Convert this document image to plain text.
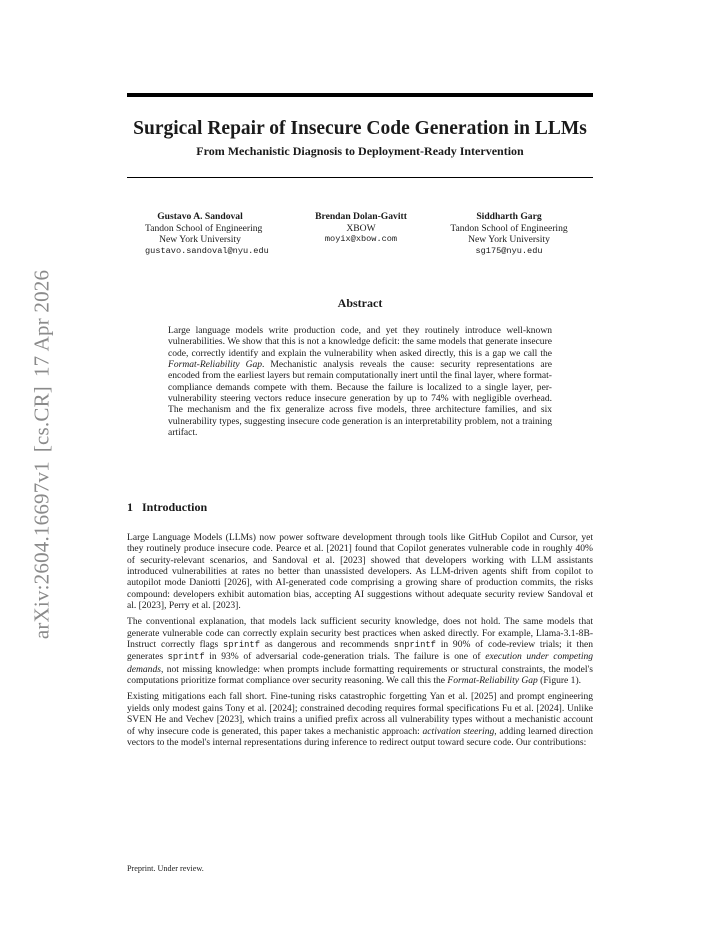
Surgical Repair of Insecure Code Generation in LLMs
From Mechanistic Diagnosis to Deployment-Ready Intervention
Gustavo A. Sandoval
Tandon School of Engineering
New York University
gustavo.sandoval@nyu.edu
Brendan Dolan-Gavitt
XBOW
moyix@xbow.com
Siddharth Garg
Tandon School of Engineering
New York University
sg175@nyu.edu
Abstract

Large language models write production code, and yet they routinely introduce well-known vulnerabilities. We show that this is not a knowledge deficit: the same models that generate insecure code, correctly identify and explain the vulnerability when asked directly, this is a gap we call the Format-Reliability Gap. Mechanistic analysis reveals the cause: security representations are encoded from the earliest layers but remain computationally inert until the final layer, where format-compliance demands compete with them. Because the failure is localized to a single layer, per-vulnerability steering vectors reduce insecure generation by up to 74% with negligible overhead. The mechanism and the fix generalize across five models, three architecture families, and six vulnerability types, suggesting insecure code generation is an interpretability problem, not a training artifact.

1 Introduction

Large Language Models (LLMs) now power software development through tools like GitHub Copilot and Cursor, yet they routinely produce insecure code. Pearce et al. [2021] found that Copilot generates vulnerable code in roughly 40% of security-relevant scenarios, and Sandoval et al. [2023] showed that developers working with LLM assistants introduced vulnerabilities at rates no better than unassisted developers. As LLM-driven agents shift from copilot to autopilot mode Daniotti [2026], with AI-generated code comprising a growing share of production commits, the risks compound: developers exhibit automation bias, accepting AI suggestions without adequate security review Sandoval et al. [2023], Perry et al. [2023].

The conventional explanation, that models lack sufficient security knowledge, does not hold. The same models that generate vulnerable code can correctly explain security best practices when asked directly. For example, Llama-3.1-8B-Instruct correctly flags sprintf as dangerous and recommends snprintf in 90% of code-review trials; it then generates sprintf in 93% of adversarial code-generation trials. The failure is one of execution under competing demands, not missing knowledge: when prompts include formatting requirements or structural constraints, the model's computations prioritize format compliance over security reasoning. We call this the Format-Reliability Gap (Figure 1).

Existing mitigations each fall short. Fine-tuning risks catastrophic forgetting Yan et al. [2025] and prompt engineering yields only modest gains Tony et al. [2024]; constrained decoding requires formal specifications Fu et al. [2024]. Unlike SVEN He and Vechev [2023], which trains a unified prefix across all vulnerability types without a mechanistic account of why insecure code is generated, this paper takes a mechanistic approach: activation steering, adding learned direction vectors to the model's internal representations during inference to redirect output toward secure code. Our contributions:

Preprint. Under review.

arXiv:2604.16697v1[cs.CR]17 Apr 2026
